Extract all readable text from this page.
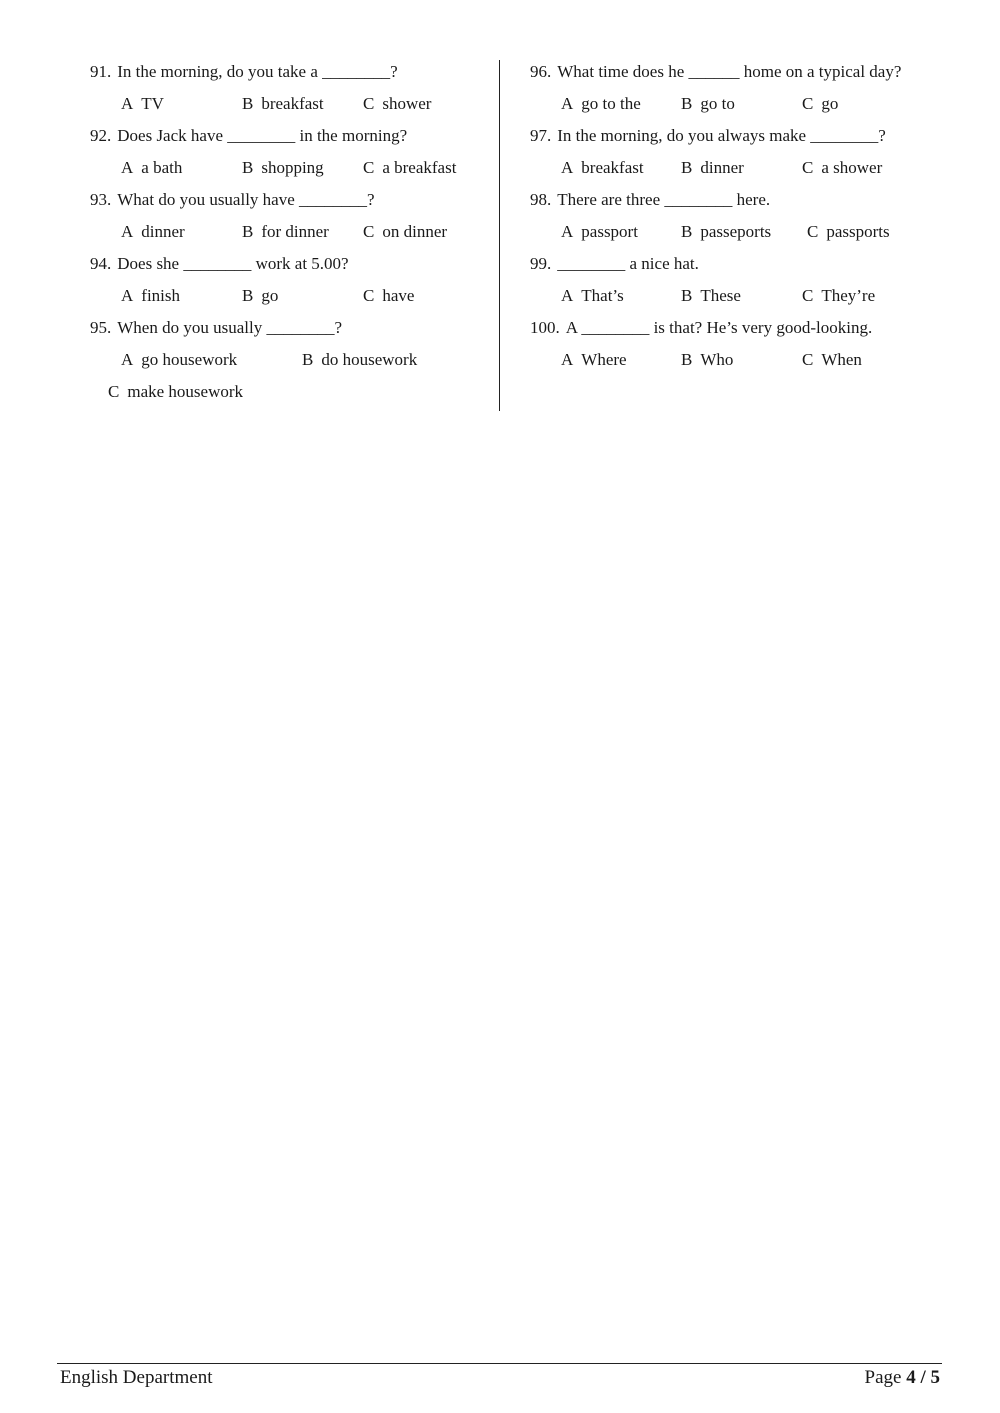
91. In the morning, do you take a ________?
A TV	B breakfast C shower
92. Does Jack have ________ in the morning?
A a bath	B shopping C a breakfast
93. What do you usually have ________?
A dinner	B for dinner C on dinner
94. Does she ________ work at 5.00?
A finish	B go	C have
95. When do you usually ________?
A go housework	B do housework
C make housework
96. What time does he ______ home on a typical day?
A go to the B go to	C go
97. In the morning, do you always make ________?
A breakfast B dinner	C a shower
98. There are three ________ here.
A passport	B passeports C passports
99. ________ a nice hat.
A That’s	B These	C They’re
100. A ________ is that? He’s very good-looking.
A Where	B Who	C When
English Department	Page 4 / 5
